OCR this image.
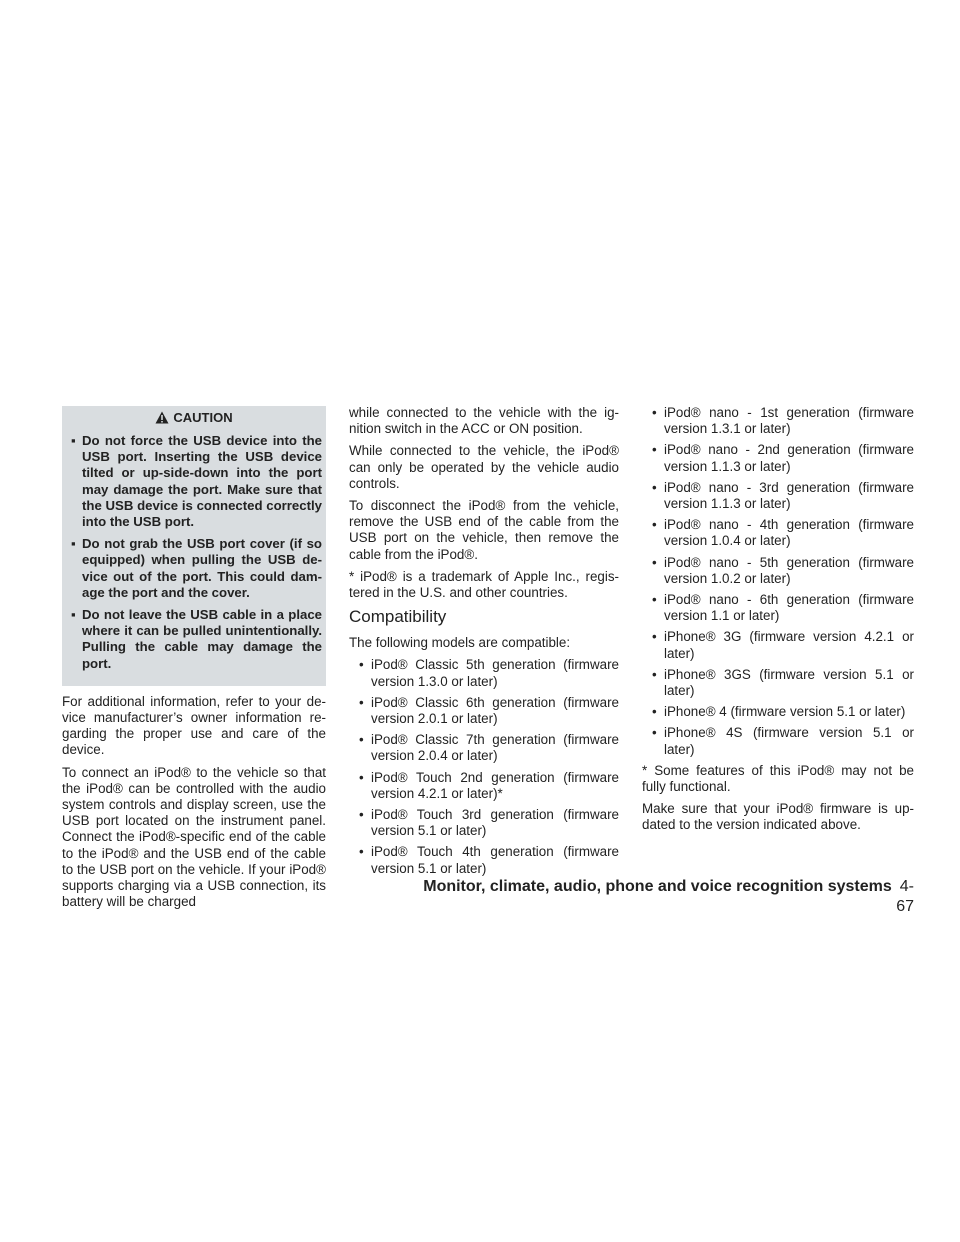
CAUTION
▪ Do not force the USB device into the USB port. Inserting the USB device tilted or up-side-down into the port may damage the port. Make sure that the USB device is connected correctly into the USB port.
▪ Do not grab the USB port cover (if so equipped) when pulling the USB de-vice out of the port. This could dam-age the port and the cover.
▪ Do not leave the USB cable in a place where it can be pulled unintentionally. Pulling the cable may damage the port.

For additional information, refer to your de-vice manufacturer’s owner information re-garding the proper use and care of the device.

To connect an iPod® to the vehicle so that the iPod® can be controlled with the audio system controls and display screen, use the USB port located on the instrument panel. Connect the iPod®-specific end of the cable to the iPod® and the USB end of the cable to the USB port on the vehicle. If your iPod® supports charging via a USB connection, its battery will be charged

while connected to the vehicle with the ig-nition switch in the ACC or ON position.

While connected to the vehicle, the iPod® can only be operated by the vehicle audio controls.

To disconnect the iPod® from the vehicle, remove the USB end of the cable from the USB port on the vehicle, then remove the cable from the iPod®.

* iPod® is a trademark of Apple Inc., regis-tered in the U.S. and other countries.

Compatibility

The following models are compatible:

• iPod® Classic 5th generation (firmware version 1.3.0 or later)
• iPod® Classic 6th generation (firmware version 2.0.1 or later)
• iPod® Classic 7th generation (firmware version 2.0.4 or later)
• iPod® Touch 2nd generation (firmware version 4.2.1 or later)*
• iPod® Touch 3rd generation (firmware version 5.1 or later)
• iPod® Touch 4th generation (firmware version 5.1 or later)
• iPod® nano - 1st generation (firmware version 1.3.1 or later)
• iPod® nano - 2nd generation (firmware version 1.1.3 or later)
• iPod® nano - 3rd generation (firmware version 1.1.3 or later)
• iPod® nano - 4th generation (firmware version 1.0.4 or later)
• iPod® nano - 5th generation (firmware version 1.0.2 or later)
• iPod® nano - 6th generation (firmware version 1.1 or later)
• iPhone® 3G (firmware version 4.2.1 or later)
• iPhone® 3GS (firmware version 5.1 or later)
• iPhone® 4 (firmware version 5.1 or later)
• iPhone® 4S (firmware version 5.1 or later)

* Some features of this iPod® may not be fully functional.

Make sure that your iPod® firmware is up-dated to the version indicated above.

Monitor, climate, audio, phone and voice recognition systems 4-67
